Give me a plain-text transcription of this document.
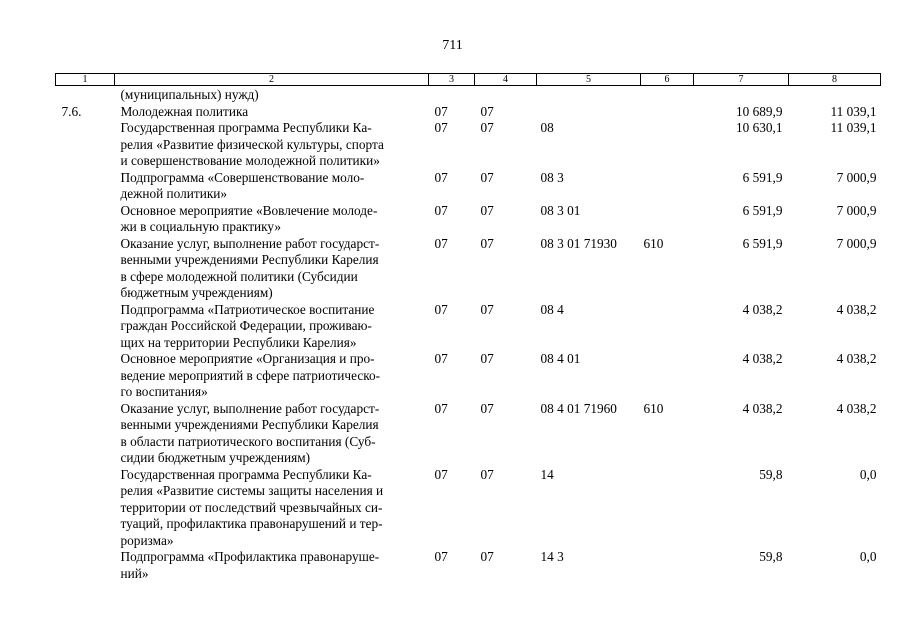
711
1	2	3	4	5	6	7	8

	(муниципальных) нужд)						

7.6.	Молодежная политика	07	07			10 689,9	11 039,1

	Государственная программа Республики Ка-
релия «Развитие физической культуры, спорта
и совершенствование молодежной политики»	07	07	08		10 630,1	11 039,1

	Подпрограмма «Совершенствование моло-
дежной политики»	07	07	08 3		6 591,9	7 000,9

	Основное мероприятие «Вовлечение молоде-
жи в социальную практику»	07	07	08 3 01		6 591,9	7 000,9

	Оказание услуг, выполнение работ государст-
венными учреждениями Республики Карелия
в сфере молодежной политики (Субсидии
бюджетным учреждениям)	07	07	08 3 01 71930	610	6 591,9	7 000,9

	Подпрограмма «Патриотическое воспитание
граждан Российской Федерации, проживаю-
щих на территории Республики Карелия»	07	07	08 4		4 038,2	4 038,2

	Основное мероприятие «Организация и про-
ведение мероприятий в сфере патриотическо-
го воспитания»	07	07	08 4 01		4 038,2	4 038,2

	Оказание услуг, выполнение работ государст-
венными учреждениями Республики Карелия
в области патриотического воспитания (Суб-
сидии бюджетным учреждениям)	07	07	08 4 01 71960	610	4 038,2	4 038,2

	Государственная программа Республики Ка-
релия «Развитие системы защиты населения и
территории от последствий чрезвычайных си-
туаций, профилактика правонарушений и тер-
роризма»	07	07	14		59,8	0,0

	Подпрограмма «Профилактика правонаруше-
ний»	07	07	14 3		59,8	0,0
